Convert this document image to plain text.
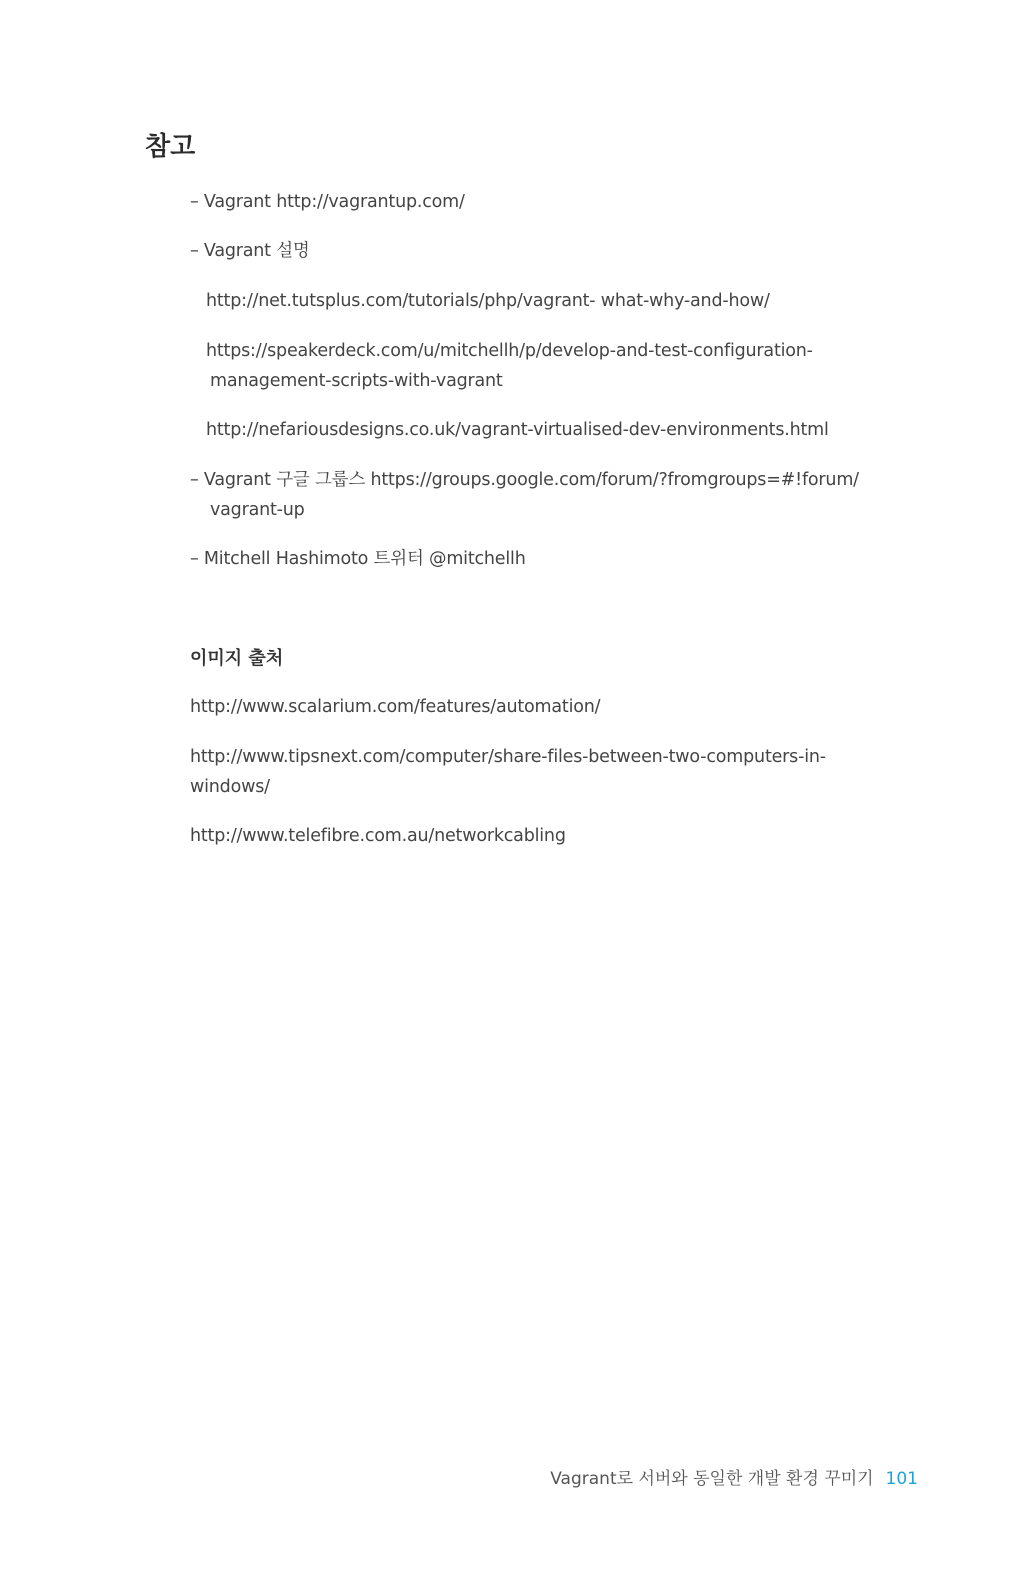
참고
– Vagrant http://vagrantup.com/
– Vagrant 설명
http://net.tutsplus.com/tutorials/php/vagrant- what-why-and-how/
https://speakerdeck.com/u/mitchellh/p/develop-and-test-configuration-
management-scripts-with-vagrant
http://nefariousdesigns.co.uk/vagrant-virtualised-dev-environments.html
– Vagrant 구글 그룹스 https://groups.google.com/forum/?fromgroups=#!forum/
vagrant-up
– Mitchell Hashimoto 트위터 @mitchellh
이미지 출처
http://www.scalarium.com/features/automation/
http://www.tipsnext.com/computer/share-files-between-two-computers-in-
windows/
http://www.telefibre.com.au/networkcabling
Vagrant로 서버와 동일한 개발 환경 꾸미기 101
